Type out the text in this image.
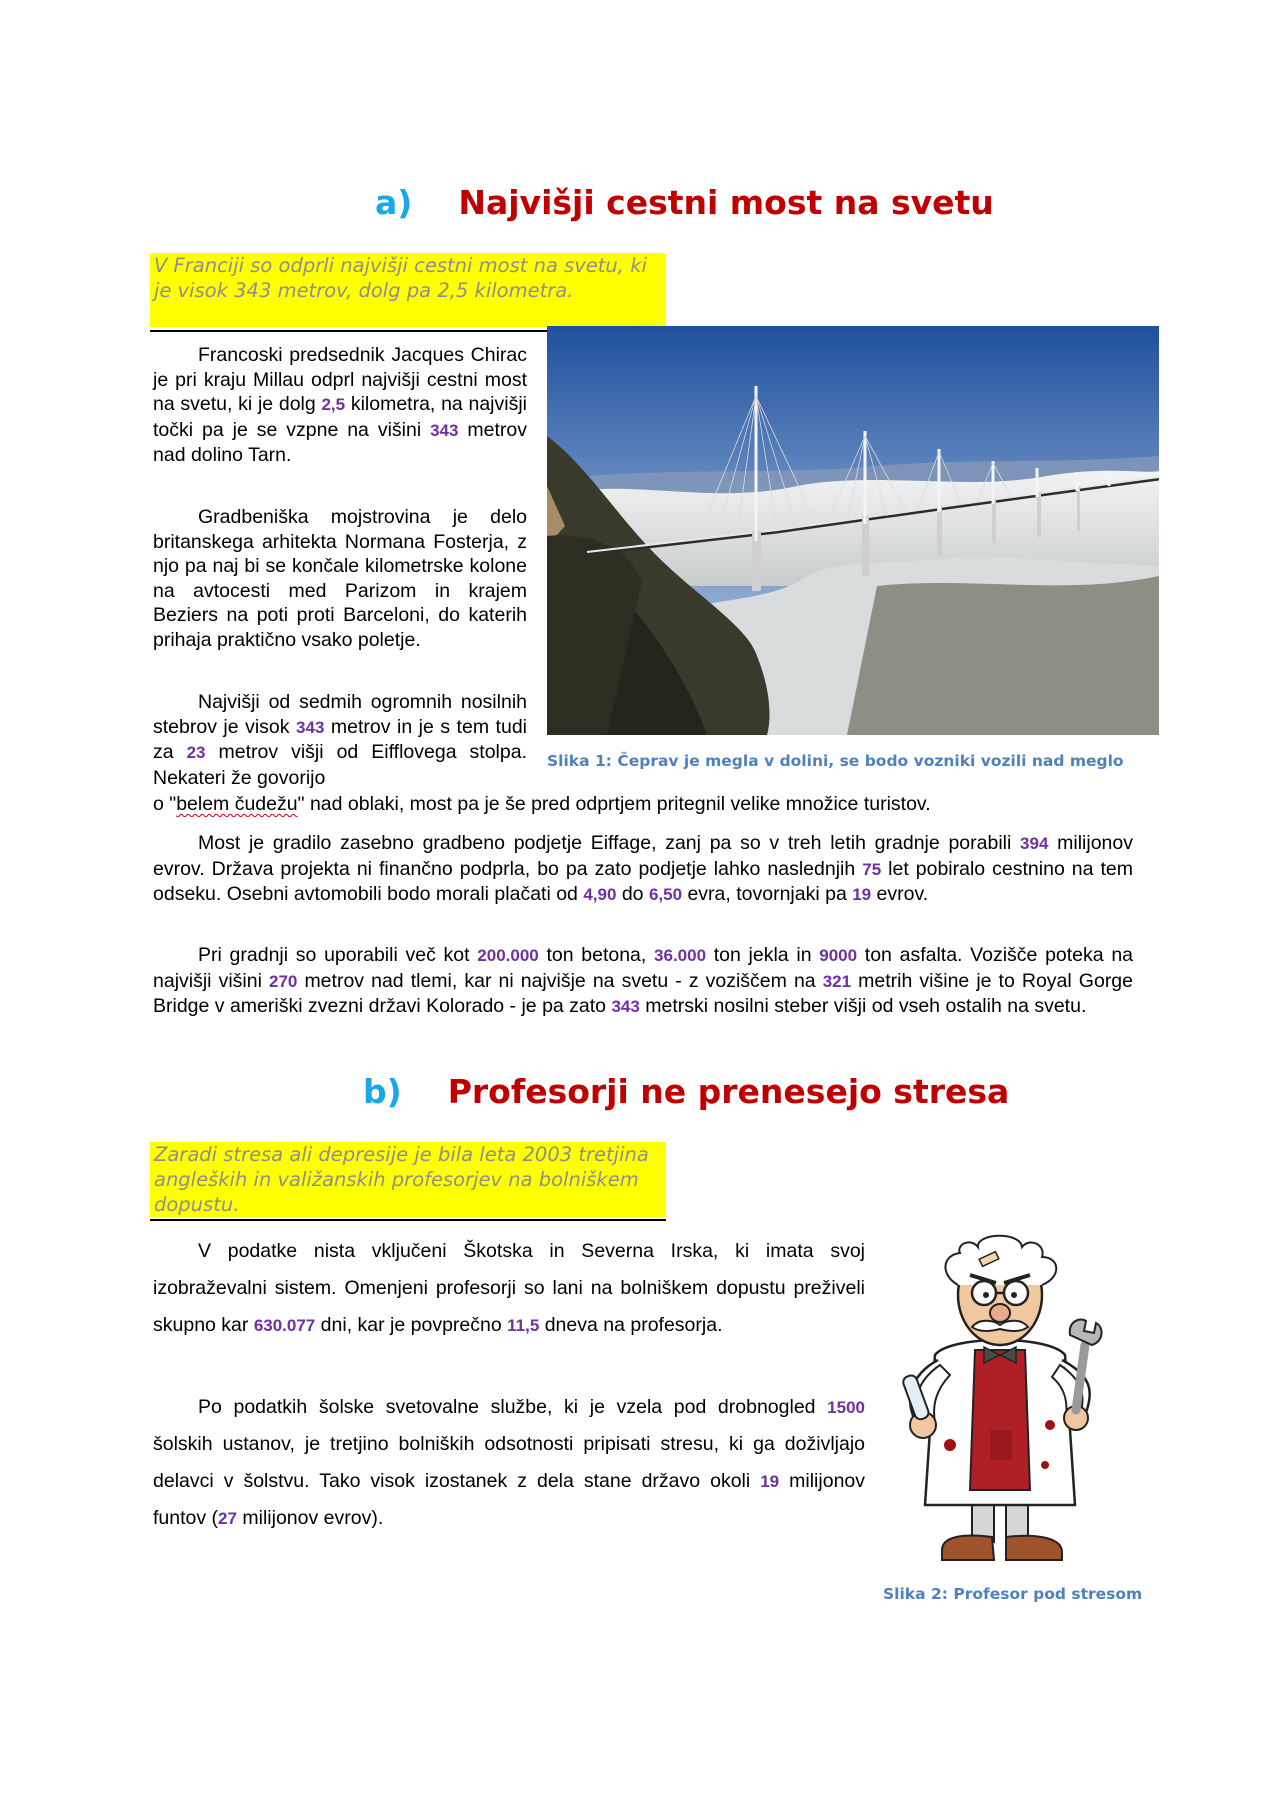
a) Najvišji cestni most na svetu
V Franciji so odprli najvišji cestni most na svetu, ki je visok 343 metrov, dolg pa 2,5 kilometra.

Francoski predsednik Jacques Chirac je pri kraju Millau odprl najvišji cestni most na svetu, ki je dolg 2,5 kilometra, na najvišji točki pa je se vzpne na višini 343 metrov nad dolino Tarn.

Gradbeniška mojstrovina je delo britanskega arhitekta Normana Fosterja, z njo pa naj bi se končale kilometrske kolone na avtocesti med Parizom in krajem Beziers na poti proti Barceloni, do katerih prihaja praktično vsako poletje.

Najvišji od sedmih ogromnih nosilnih stebrov je visok 343 metrov in je s tem tudi za 23 metrov višji od Eifflovega stolpa. Nekateri že govorijo

o "belem čudežu" nad oblaki, most pa je še pred odprtjem pritegnil velike množice turistov.

Slika 1: Čeprav je megla v dolini, se bodo vozniki vozili nad meglo

Most je gradilo zasebno gradbeno podjetje Eiffage, zanj pa so v treh letih gradnje porabili 394 milijonov evrov. Država projekta ni finančno podprla, bo pa zato podjetje lahko naslednjih 75 let pobiralo cestnino na tem odseku. Osebni avtomobili bodo morali plačati od 4,90 do 6,50 evra, tovornjaki pa 19 evrov.

Pri gradnji so uporabili več kot 200.000 ton betona, 36.000 ton jekla in 9000 ton asfalta. Vozišče poteka na najvišji višini 270 metrov nad tlemi, kar ni najvišje na svetu - z voziščem na 321 metrih višine je to Royal Gorge Bridge v ameriški zvezni državi Kolorado - je pa zato 343 metrski nosilni steber višji od vseh ostalih na svetu.

b) Profesorji ne prenesejo stresa
Zaradi stresa ali depresije je bila leta 2003 tretjina angleških in valižanskih profesorjev na bolniškem dopustu.

V podatke nista vključeni Škotska in Severna Irska, ki imata svoj izobraževalni sistem. Omenjeni profesorji so lani na bolniškem dopustu preživeli skupno kar 630.077 dni, kar je povprečno 11,5 dneva na profesorja.

Po podatkih šolske svetovalne službe, ki je vzela pod drobnogled 1500 šolskih ustanov, je tretjino bolniških odsotnosti pripisati stresu, ki ga doživljajo delavci v šolstvu. Tako visok izostanek z dela stane državo okoli 19 milijonov funtov (27 milijonov evrov).

Slika 2: Profesor pod stresom
